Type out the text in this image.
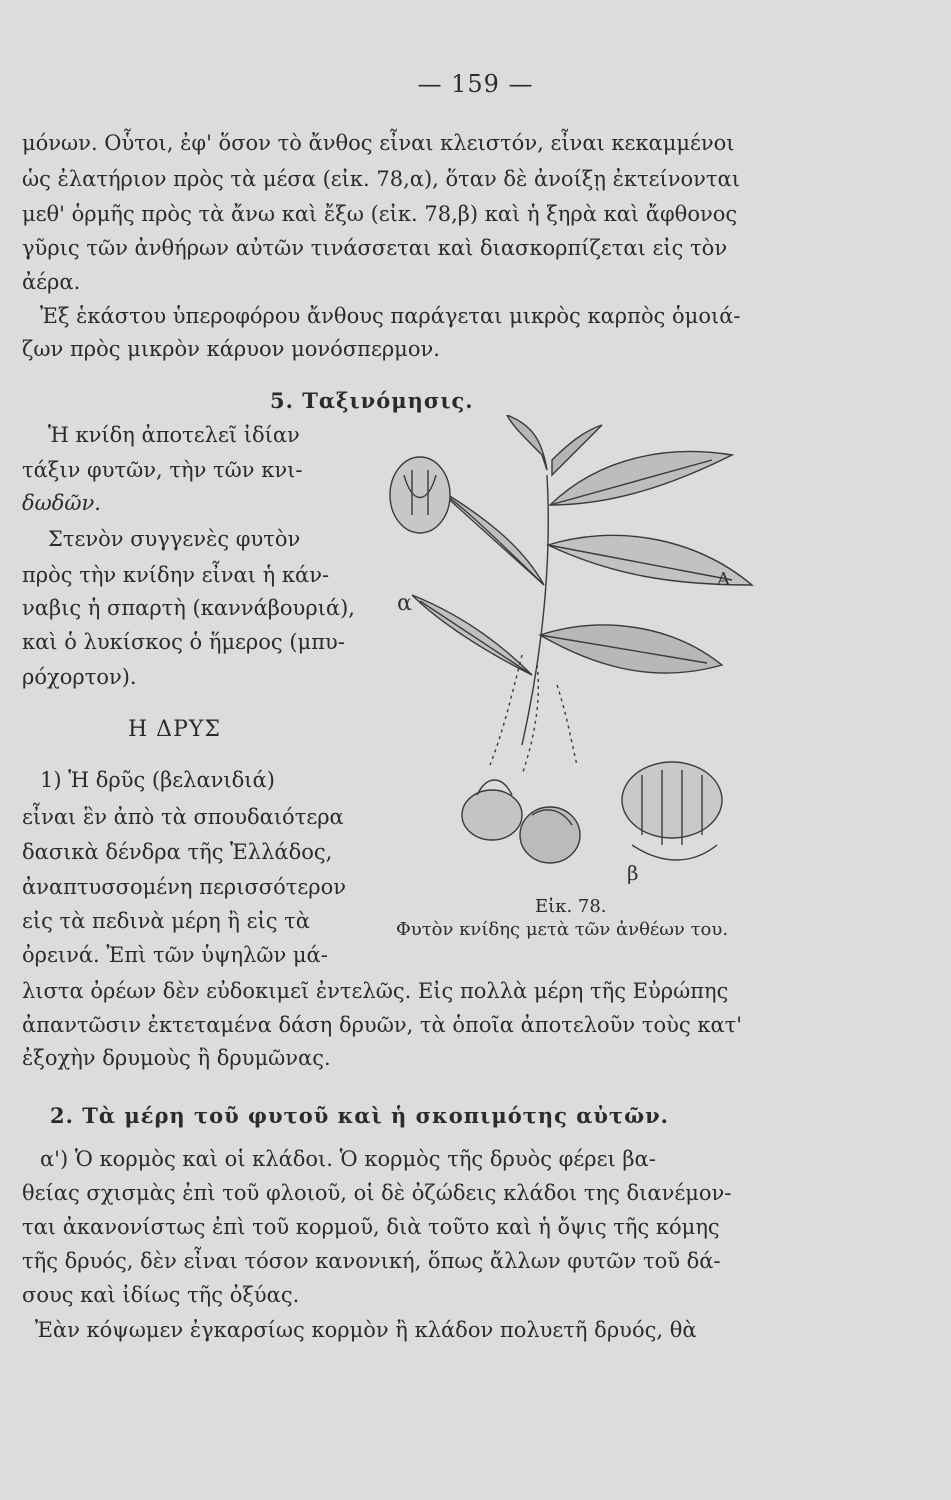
— 159 —
μόνων. Οὗτοι, ἐφ' ὅσον τὸ ἄνθος εἶναι κλειστόν, εἶναι κεκαμμένοι
ὡς ἐλατήριον πρὸς τὰ μέσα (εἰκ. 78,α), ὅταν δὲ ἀνοίξῃ ἐκτείνονται
μεθ' ὁρμῆς πρὸς τὰ ἄνω καὶ ἔξω (εἰκ. 78,β) καὶ ἡ ξηρὰ καὶ ἄφθονος
γῦρις τῶν ἀνθήρων αὐτῶν τινάσσεται καὶ διασκορπίζεται εἰς τὸν
ἀέρα.
Ἐξ ἑκάστου ὑπεροφόρου ἄνθους παράγεται μικρὸς καρπὸς ὁμοιά-
ζων πρὸς μικρὸν κάρυον μονόσπερμον.
5. Ταξινόμησις.
Ἡ κνίδη ἀποτελεῖ ἰδίαν
τάξιν φυτῶν, τὴν τῶν κνι-
δωδῶν.
Στενὸν συγγενὲς φυτὸν
πρὸς τὴν κνίδην εἶναι ἡ κάν-
ναβις ἡ σπαρτὴ (καννάβουριά),
καὶ ὁ λυκίσκος ὁ ἥμερος (μπυ-
ρόχορτον).
Η ΔΡΥΣ
1) Ἡ δρῦς (βελανιδιά)
εἶναι ἓν ἀπὸ τὰ σπουδαιότερα
δασικὰ δένδρα τῆς Ἑλλάδος,
ἀναπτυσσομένη περισσότερον
εἰς τὰ πεδινὰ μέρη ἢ εἰς τὰ
ὀρεινά. Ἐπὶ τῶν ὑψηλῶν μά-
α
β
Α
Εἰκ. 78.
Φυτὸν κνίδης μετὰ τῶν ἀνθέων του.
λιστα ὀρέων δὲν εὐδοκιμεῖ ἐντελῶς. Εἰς πολλὰ μέρη τῆς Εὐρώπης
ἀπαντῶσιν ἐκτεταμένα δάση δρυῶν, τὰ ὁποῖα ἀποτελοῦν τοὺς κατ'
ἐξοχὴν δρυμοὺς ἢ δρυμῶνας.
2. Τὰ μέρη τοῦ φυτοῦ καὶ ἡ σκοπιμότης αὐτῶν.
α') Ὁ κορμὸς καὶ οἱ κλάδοι. Ὁ κορμὸς τῆς δρυὸς φέρει βα-
θείας σχισμὰς ἐπὶ τοῦ φλοιοῦ, οἱ δὲ ὀζώδεις κλάδοι της διανέμον-
ται ἀκανονίστως ἐπὶ τοῦ κορμοῦ, διὰ τοῦτο καὶ ἡ ὄψις τῆς κόμης
τῆς δρυός, δὲν εἶναι τόσον κανονική, ὅπως ἄλλων φυτῶν τοῦ δά-
σους καὶ ἰδίως τῆς ὀξύας.
Ἐὰν κόψωμεν ἐγκαρσίως κορμὸν ἢ κλάδον πολυετῆ δρυός, θὰ
